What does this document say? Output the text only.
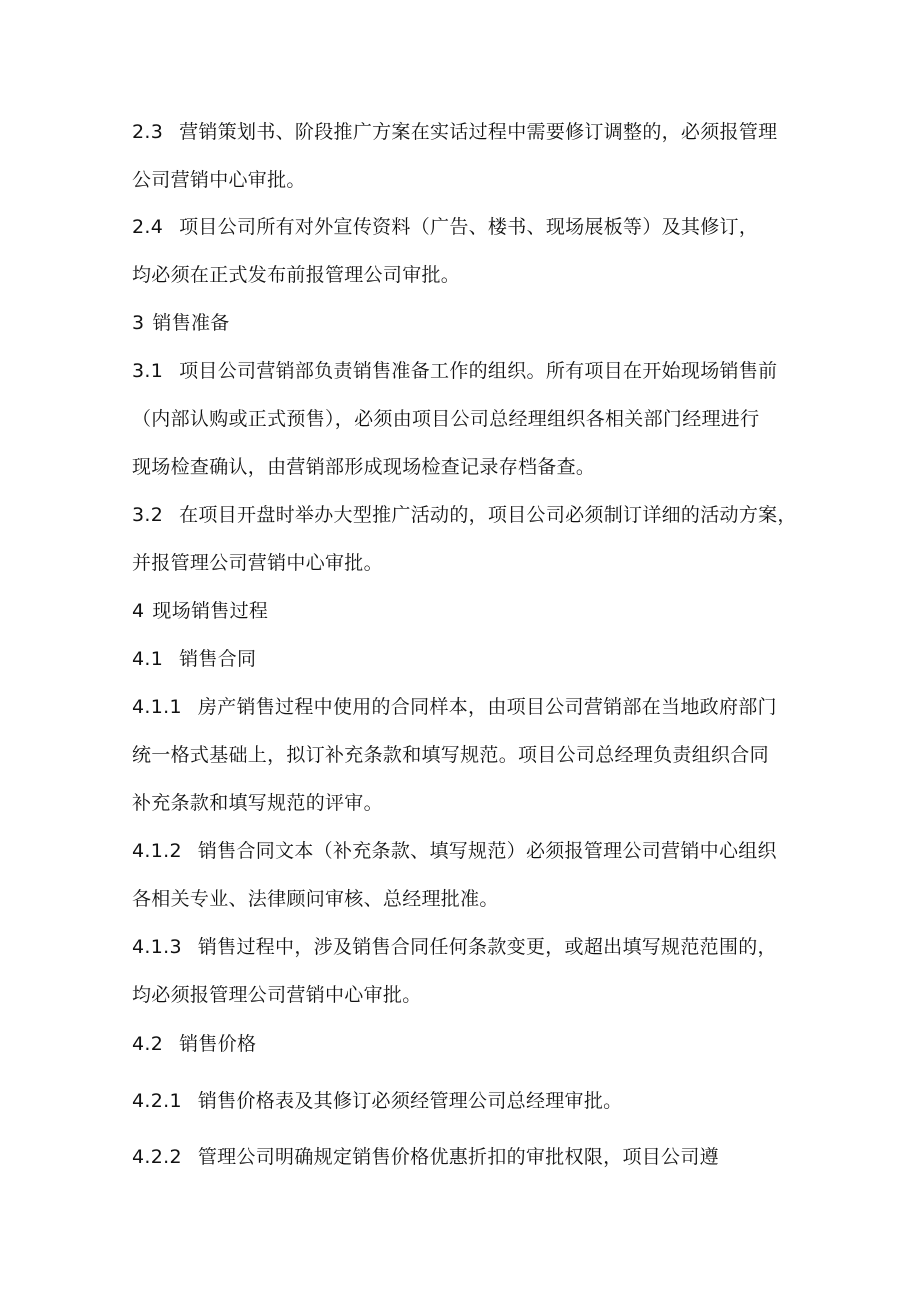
2.3 营销策划书、阶段推广方案在实话过程中需要修订调整的，必须报管理
公司营销中心审批。
2.4 项目公司所有对外宣传资料（广告、楼书、现场展板等）及其修订，
均必须在正式发布前报管理公司审批。
3 销售准备
3.1 项目公司营销部负责销售准备工作的组织。所有项目在开始现场销售前
（内部认购或正式预售），必须由项目公司总经理组织各相关部门经理进行
现场检查确认，由营销部形成现场检查记录存档备查。
3.2 在项目开盘时举办大型推广活动的，项目公司必须制订详细的活动方案，
并报管理公司营销中心审批。
4 现场销售过程
4.1 销售合同
4.1.1 房产销售过程中使用的合同样本，由项目公司营销部在当地政府部门
统一格式基础上，拟订补充条款和填写规范。项目公司总经理负责组织合同
补充条款和填写规范的评审。
4.1.2 销售合同文本（补充条款、填写规范）必须报管理公司营销中心组织
各相关专业、法律顾问审核、总经理批准。
4.1.3 销售过程中，涉及销售合同任何条款变更，或超出填写规范范围的，
均必须报管理公司营销中心审批。
4.2 销售价格
4.2.1 销售价格表及其修订必须经管理公司总经理审批。
4.2.2 管理公司明确规定销售价格优惠折扣的审批权限，项目公司遵
